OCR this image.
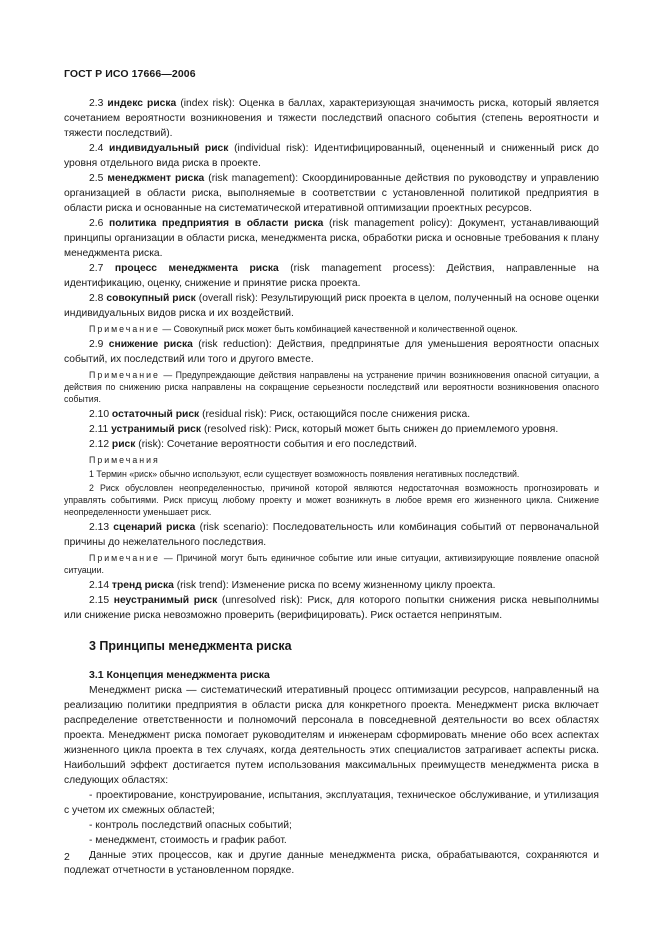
ГОСТ Р ИСО 17666—2006

2.3 индекс риска (index risk): Оценка в баллах, характеризующая значимость риска, который является сочетанием вероятности возникновения и тяжести последствий опасного события (степень вероятности и тяжести последствий).

2.4 индивидуальный риск (individual risk): Идентифицированный, оцененный и сниженный риск до уровня отдельного вида риска в проекте.

2.5 менеджмент риска (risk management): Скоординированные действия по руководству и управлению организацией в области риска, выполняемые в соответствии с установленной политикой предприятия в области риска и основанные на систематической итеративной оптимизации проектных ресурсов.

2.6 политика предприятия в области риска (risk management policy): Документ, устанавливающий принципы организации в области риска, менеджмента риска, обработки риска и основные требования к плану менеджмента риска.

2.7 процесс менеджмента риска (risk management process): Действия, направленные на идентификацию, оценку, снижение и принятие риска проекта.

2.8 совокупный риск (overall risk): Результирующий риск проекта в целом, полученный на основе оценки индивидуальных видов риска и их воздействий.

Примечание — Совокупный риск может быть комбинацией качественной и количественной оценок.

2.9 снижение риска (risk reduction): Действия, предпринятые для уменьшения вероятности опасных событий, их последствий или того и другого вместе.

Примечание — Предупреждающие действия направлены на устранение причин возникновения опасной ситуации, а действия по снижению риска направлены на сокращение серьезности последствий или вероятности возникновения опасного события.

2.10 остаточный риск (residual risk): Риск, остающийся после снижения риска.

2.11 устранимый риск (resolved risk): Риск, который может быть снижен до приемлемого уровня.

2.12 риск (risk): Сочетание вероятности события и его последствий.

Примечания

1 Термин «риск» обычно используют, если существует возможность появления негативных последствий.

2 Риск обусловлен неопределенностью, причиной которой являются недостаточная возможность прогнозировать и управлять событиями. Риск присущ любому проекту и может возникнуть в любое время его жизненного цикла. Снижение неопределенности уменьшает риск.

2.13 сценарий риска (risk scenario): Последовательность или комбинация событий от первоначальной причины до нежелательного последствия.

Примечание — Причиной могут быть единичное событие или иные ситуации, активизирующие появление опасной ситуации.

2.14 тренд риска (risk trend): Изменение риска по всему жизненному циклу проекта.

2.15 неустранимый риск (unresolved risk): Риск, для которого попытки снижения риска невыполнимы или снижение риска невозможно проверить (верифицировать). Риск остается непринятым.

3 Принципы менеджмента риска
3.1 Концепция менеджмента риска

Менеджмент риска — систематический итеративный процесс оптимизации ресурсов, направленный на реализацию политики предприятия в области риска для конкретного проекта. Менеджмент риска включает распределение ответственности и полномочий персонала в повседневной деятельности во всех областях проекта. Менеджмент риска помогает руководителям и инженерам сформировать мнение обо всех аспектах жизненного цикла проекта в тех случаях, когда деятельность этих специалистов затрагивает аспекты риска. Наибольший эффект достигается путем использования максимальных преимуществ менеджмента риска в следующих областях:

- проектирование, конструирование, испытания, эксплуатация, техническое обслуживание, и утилизация с учетом их смежных областей;

- контроль последствий опасных событий;

- менеджмент, стоимость и график работ.

Данные этих процессов, как и другие данные менеджмента риска, обрабатываются, сохраняются и подлежат отчетности в установленном порядке.

2
